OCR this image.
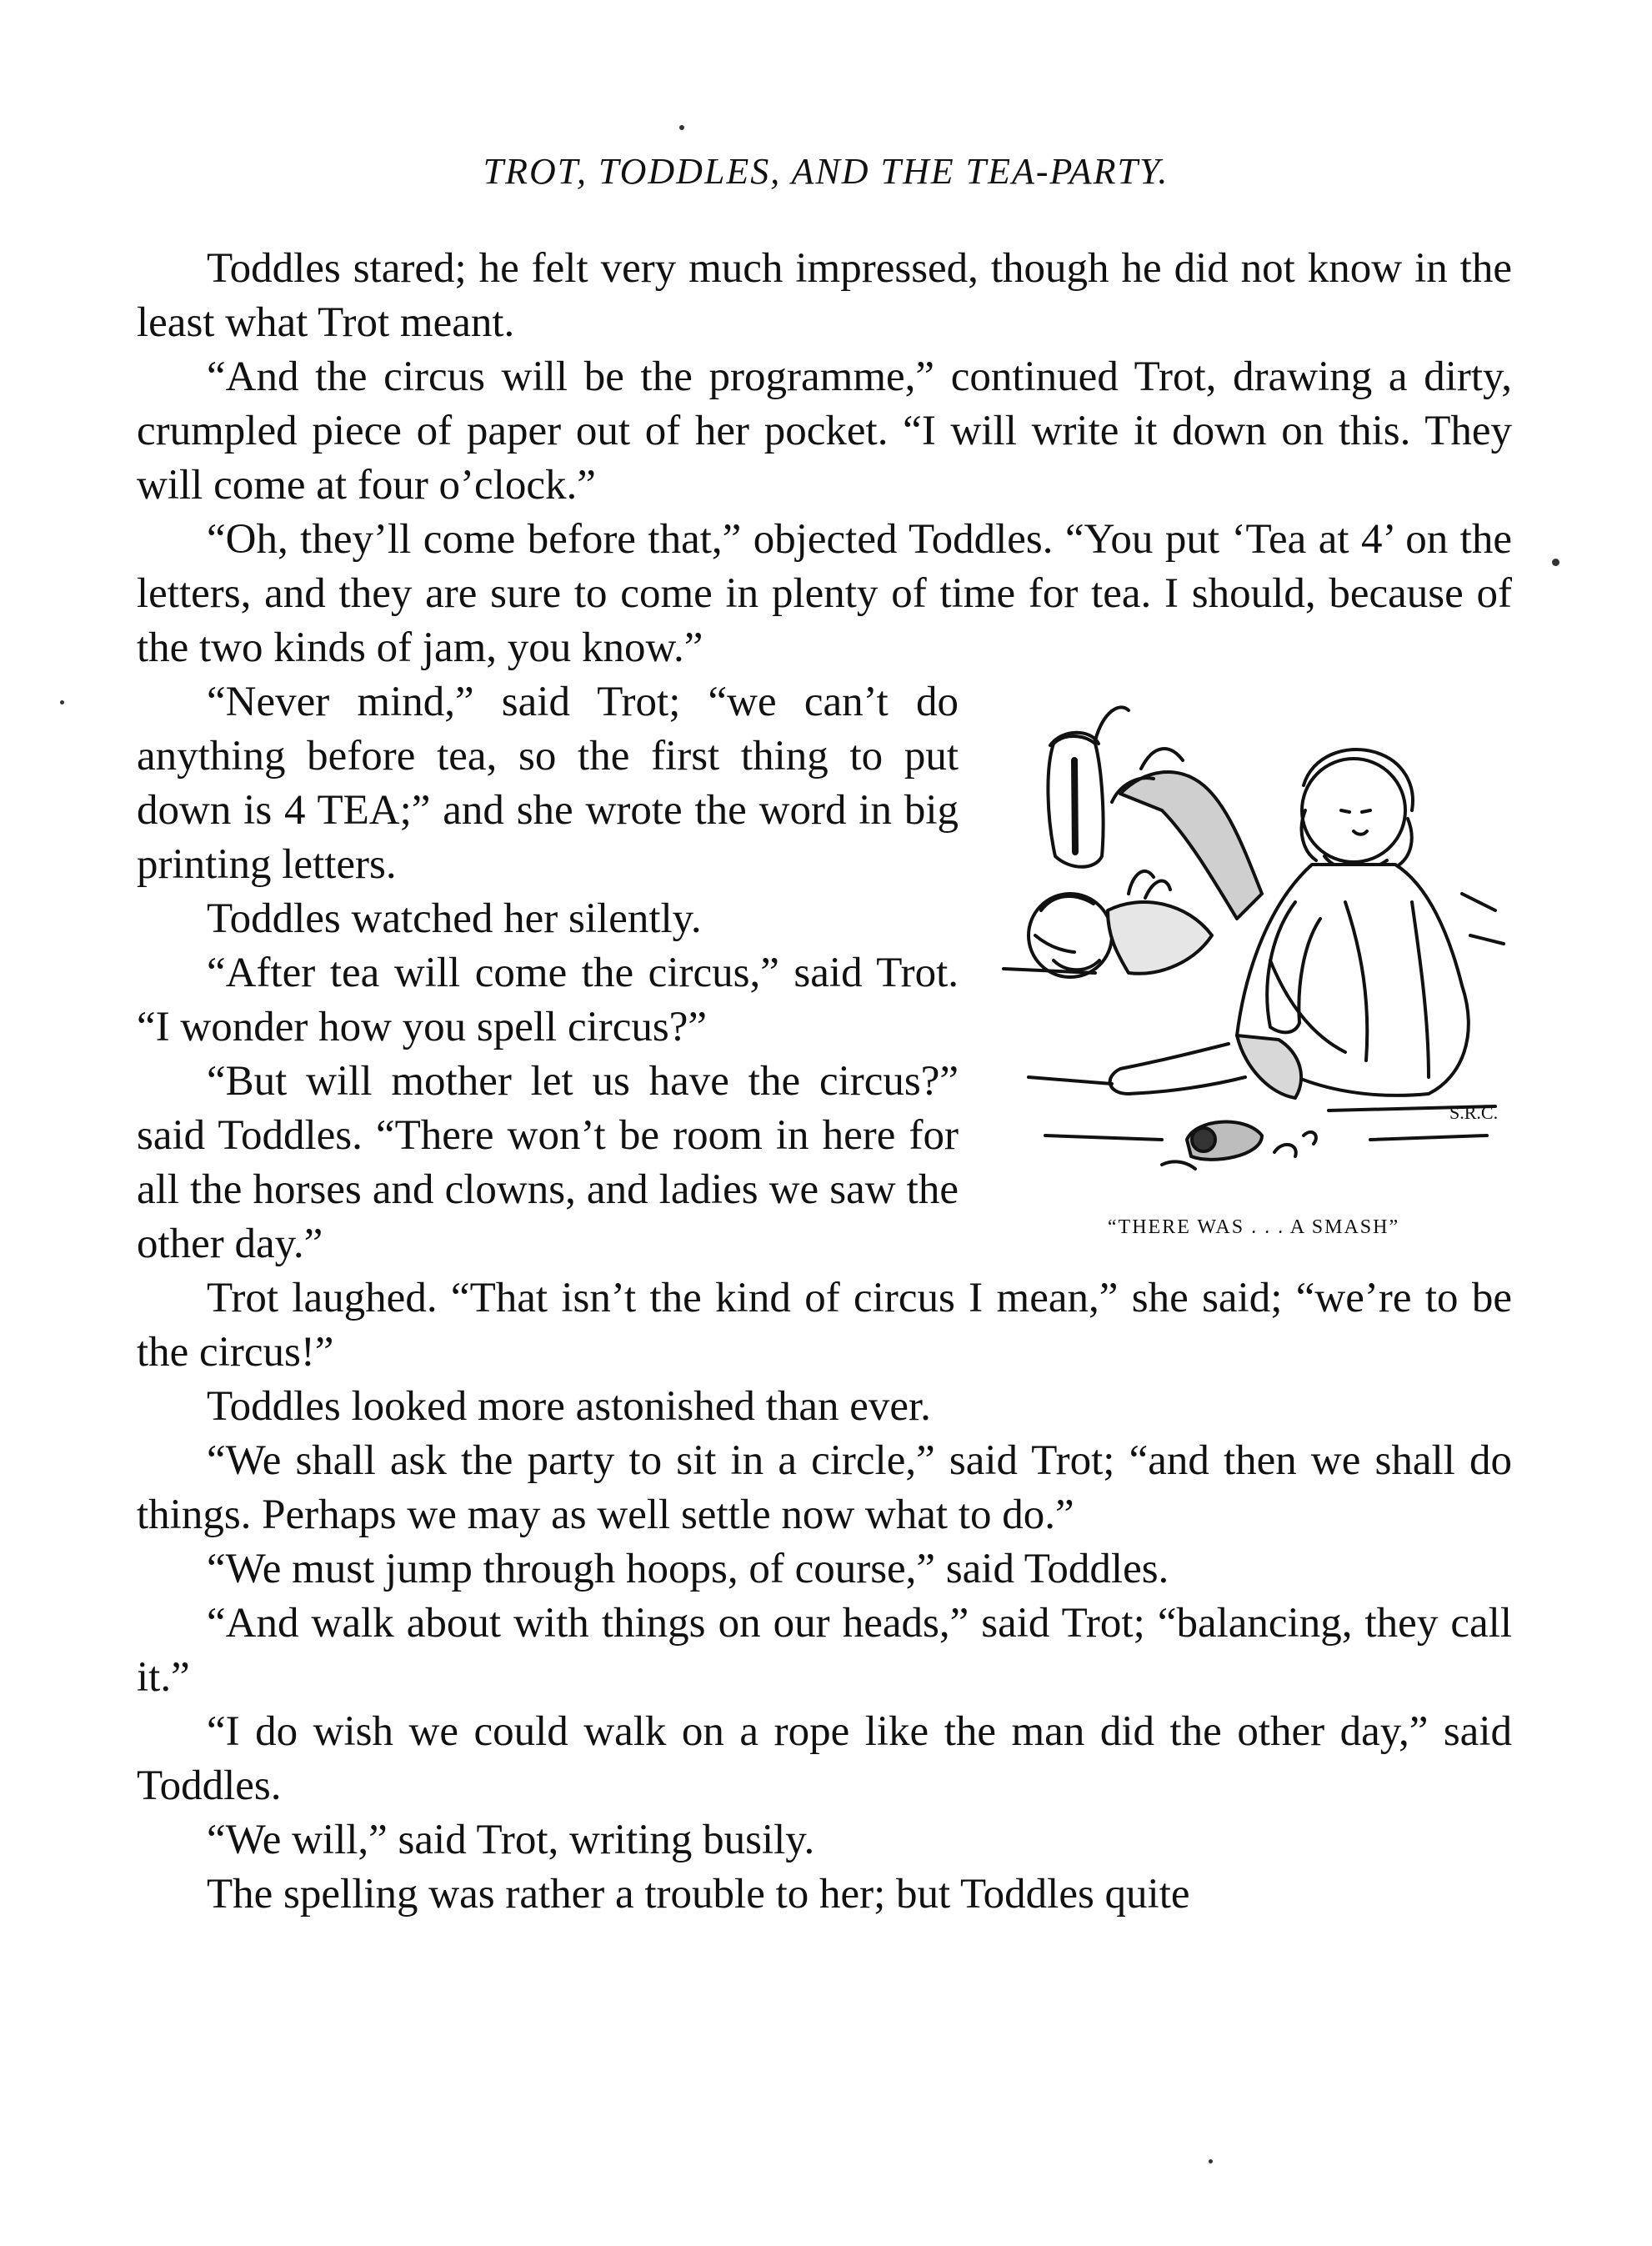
TROT, TODDLES, AND THE TEA-PARTY.

Toddles stared; he felt very much impressed, though he did not know in the least what Trot meant.

“And the circus will be the programme,” continued Trot, drawing a dirty, crumpled piece of paper out of her pocket. “I will write it down on this. They will come at four o’clock.”

“Oh, they’ll come before that,” objected Toddles. “You put ‘Tea at 4’ on the letters, and they are sure to come in plenty of time for tea. I should, because of the two kinds of jam, you know.”

S.R.C.
“THERE WAS . . . A SMASH”

“Never mind,” said Trot; “we can’t do anything before tea, so the first thing to put down is 4 TEA;” and she wrote the word in big printing letters.

Toddles watched her silently.

“After tea will come the circus,” said Trot. “I wonder how you spell circus?”

“But will mother let us have the circus?” said Toddles. “There won’t be room in here for all the horses and clowns, and ladies we saw the other day.”

Trot laughed. “That isn’t the kind of circus I mean,” she said; “we’re to be the circus!”

Toddles looked more astonished than ever.

“We shall ask the party to sit in a circle,” said Trot; “and then we shall do things. Perhaps we may as well settle now what to do.”

“We must jump through hoops, of course,” said Toddles.

“And walk about with things on our heads,” said Trot; “balancing, they call it.”

“I do wish we could walk on a rope like the man did the other day,” said Toddles.

“We will,” said Trot, writing busily.

The spelling was rather a trouble to her; but Toddles quite
